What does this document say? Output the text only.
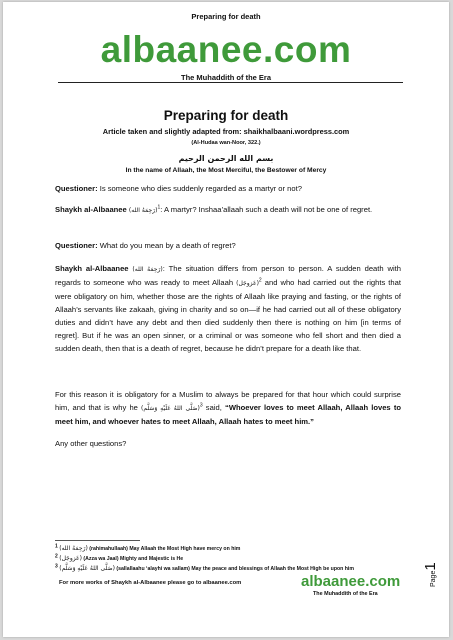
Preparing for death
albaanee.com
The Muhaddith of the Era
Preparing for death
Article taken and slightly adapted from: shaikhalbaani.wordpress.com
(Al-Hudaa wan-Noor, 322.)
بسم الله الرحمن الرحيم
In the name of Allaah, the Most Merciful, the Bestower of Mercy
Questioner: Is someone who dies suddenly regarded as a martyr or not?
Shaykh al-Albaanee (رَحِمَهُ الله)$^1$: A martyr? Inshaa’allaah such a death will not be one of regret.
Questioner: What do you mean by a death of regret?
Shaykh al-Albaanee (رَحِمَهُ الله): The situation differs from person to person. A sudden death with regards to someone who was ready to meet Allaah (عَزوجَل)$^2$ and who had carried out the rights that were obligatory on him, whether those are the rights of Allaah like praying and fasting, or the rights of Allaah’s servants like zakaah, giving in charity and so on—if he had carried out all of these obligatory duties and didn’t have any debt and then died suddenly then there is nothing on him [in terms of regret]. But if he was an open sinner, or a criminal or was someone who fell short and then died a sudden death, then that is a death of regret, because he didn’t prepare for a death like that.
For this reason it is obligatory for a Muslim to always be prepared for that hour which could surprise him, and that is why he (صَلَّى اللهُ عَلَيْهِ وَسَلَّم)$^3$ said, “Whoever loves to meet Allaah, Allaah loves to meet him, and whoever hates to meet Allaah, Allaah hates to meet him.”
Any other questions?
$^1$ (رَحِمَهُ الله) (rahimahullaah) May Allaah the Most High have mercy on him
$^2$ (عَزوجَل) (Azza wa Jaal) Mighty and Majestic is He
$^3$ (صَلَّى اللهُ عَلَيْهِ وَسَلَّم) (sallallaahu ‘alayhi wa sallam) May the peace and blessings of Allaah the Most High be upon him
For more works of Shaykh al-Albaanee please go to albaanee.com	albaanee.com
The Muhaddith of the Era
Page1
